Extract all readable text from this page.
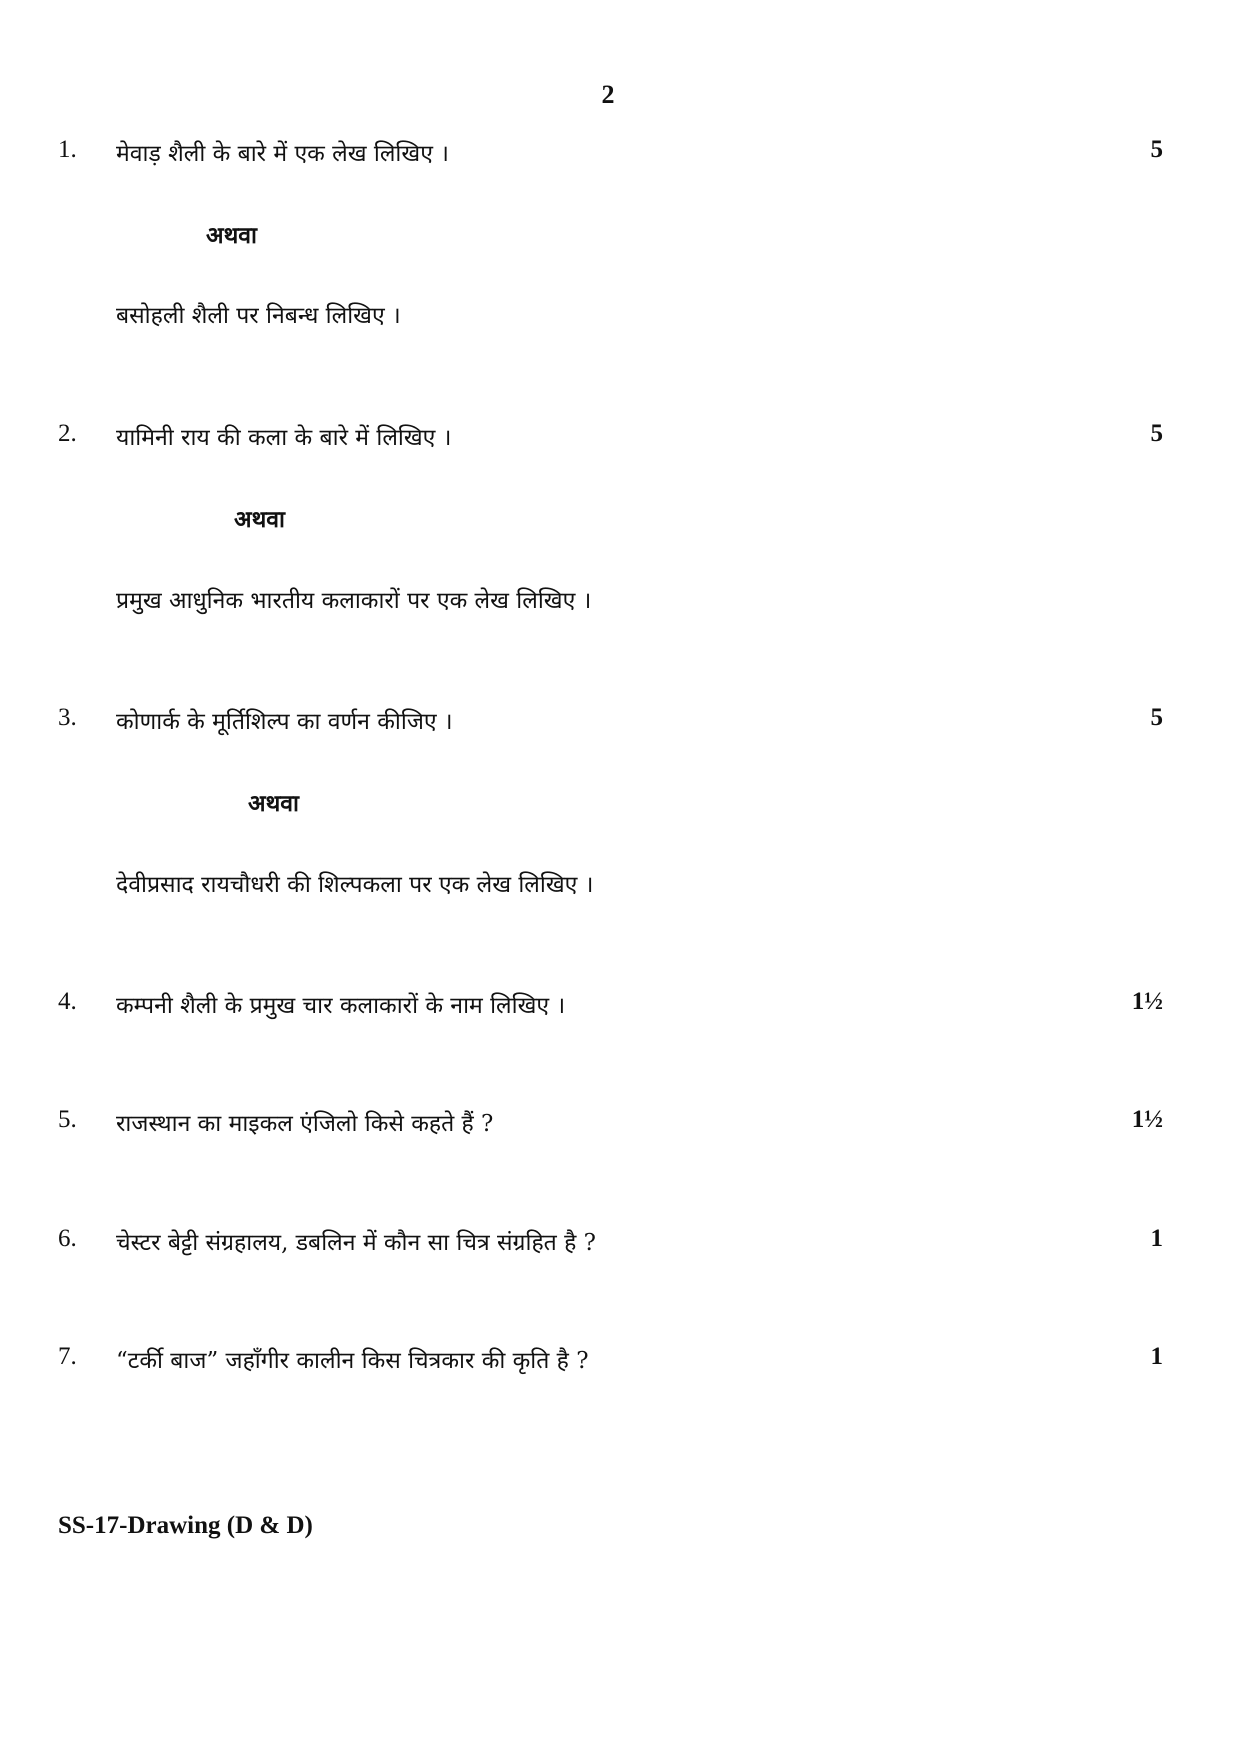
2
1. मेवाड़ शैली के बारे में एक लेख लिखिए ।	5
अथवा
बसोहली शैली पर निबन्ध लिखिए ।
2. यामिनी राय की कला के बारे में लिखिए ।	5
अथवा
प्रमुख आधुनिक भारतीय कलाकारों पर एक लेख लिखिए ।
3. कोणार्क के मूर्तिशिल्प का वर्णन कीजिए ।	5
अथवा
देवीप्रसाद रायचौधरी की शिल्पकला पर एक लेख लिखिए ।
4. कम्पनी शैली के प्रमुख चार कलाकारों के नाम लिखिए ।	1½
5. राजस्थान का माइकल एंजिलो किसे कहते हैं ?	1½
6. चेस्टर बेट्टी संग्रहालय, डबलिन में कौन सा चित्र संग्रहित है ?	1
7. “टर्की बाज” जहाँगीर कालीन किस चित्रकार की कृति है ?	1
SS-17-Drawing (D & D)
